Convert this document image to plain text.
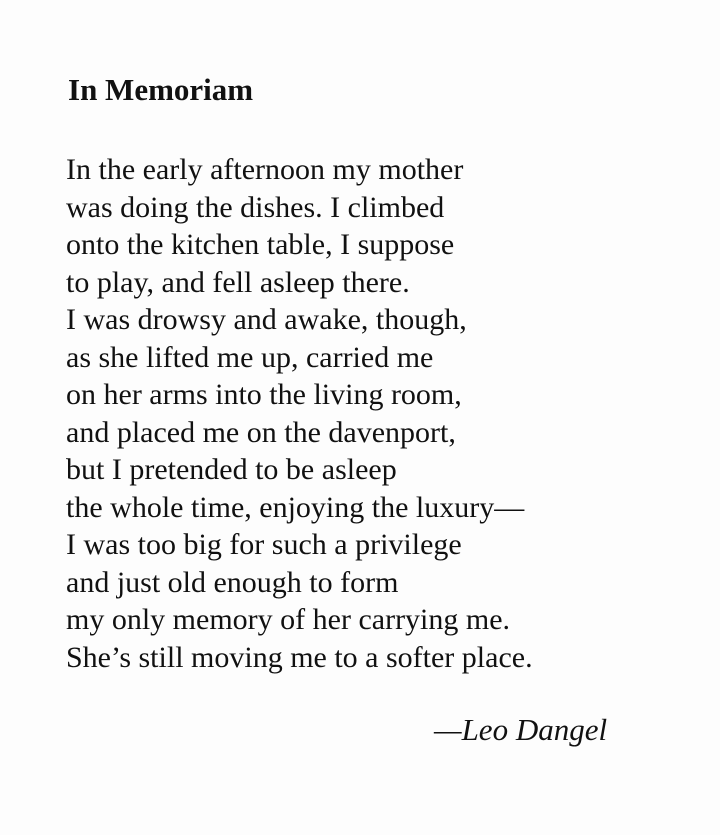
In Memoriam
In the early afternoon my mother
was doing the dishes. I climbed
onto the kitchen table, I suppose
to play, and fell asleep there.
I was drowsy and awake, though,
as she lifted me up, carried me
on her arms into the living room,
and placed me on the davenport,
but I pretended to be asleep
the whole time, enjoying the luxury—
I was too big for such a privilege
and just old enough to form
my only memory of her carrying me.
She’s still moving me to a softer place.
—Leo Dangel
